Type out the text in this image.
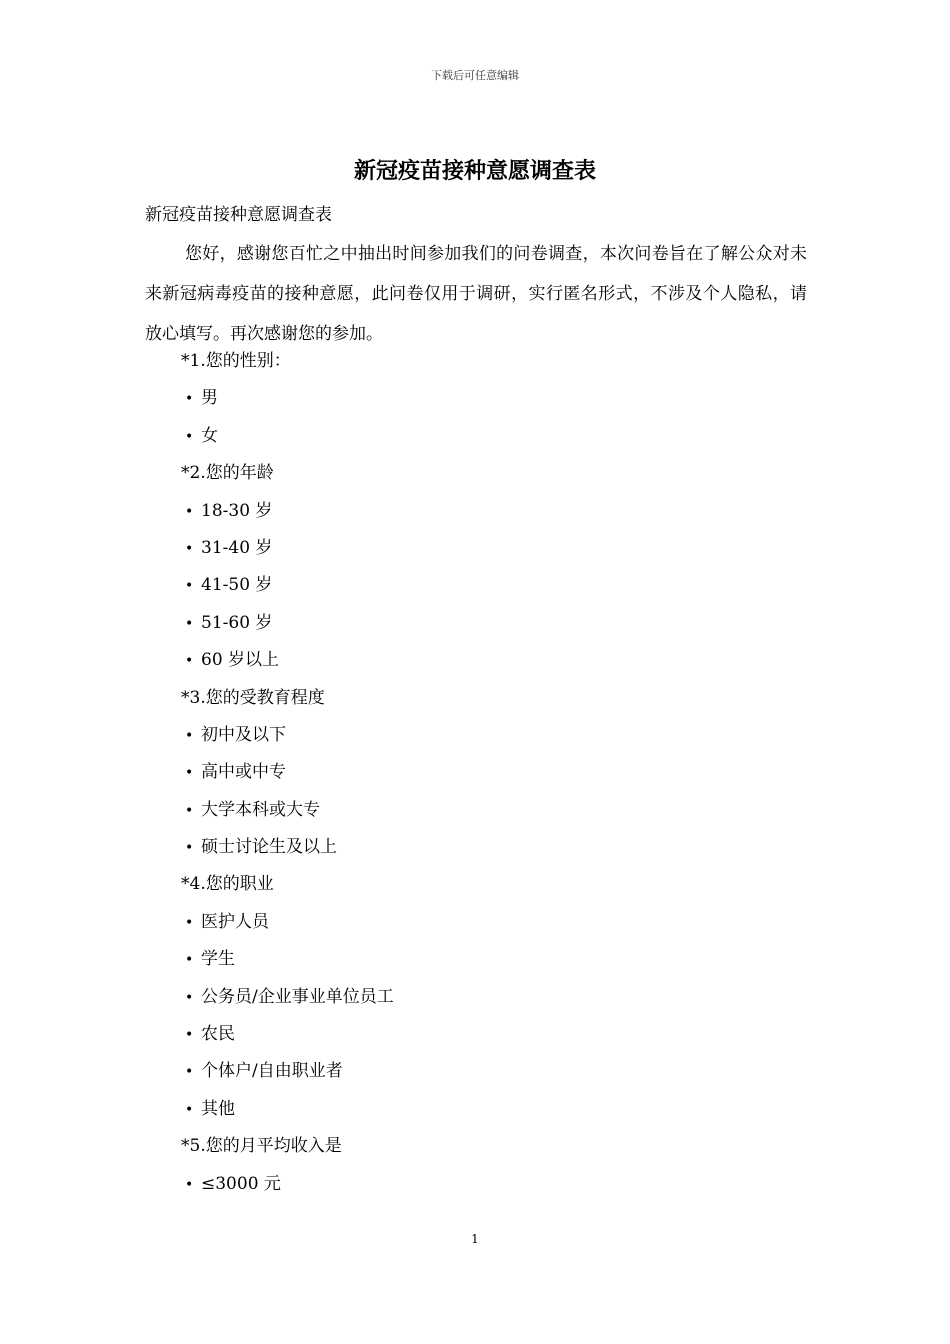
下载后可任意编辑
新冠疫苗接种意愿调查表
新冠疫苗接种意愿调查表

您好，感谢您百忙之中抽出时间参加我们的问卷调查，本次问卷旨在了解公众对未来新冠病毒疫苗的接种意愿，此问卷仅用于调研，实行匿名形式，不涉及个人隐私，请放心填写。再次感谢您的参加。

*1.您的性别：
• 男
• 女
*2.您的年龄
• 18-30 岁
• 31-40 岁
• 41-50 岁
• 51-60 岁
• 60 岁以上
*3.您的受教育程度
• 初中及以下
• 高中或中专
• 大学本科或大专
• 硕士讨论生及以上
*4.您的职业
• 医护人员
• 学生
• 公务员/企业事业单位员工
• 农民
• 个体户/自由职业者
• 其他
*5.您的月平均收入是
• ≤3000 元
1
